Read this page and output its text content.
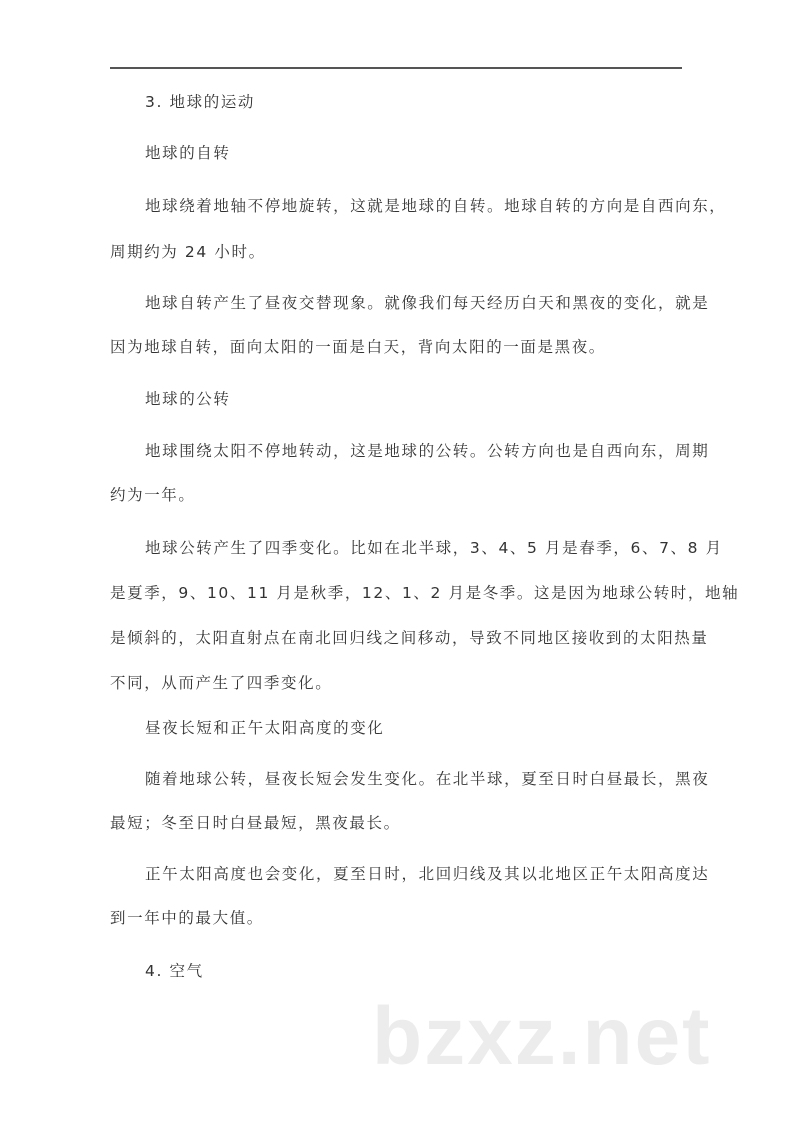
3. 地球的运动
地球的自转
地球绕着地轴不停地旋转，这就是地球的自转。地球自转的方向是自西向东，
周期约为 24 小时。
地球自转产生了昼夜交替现象。就像我们每天经历白天和黑夜的变化，就是
因为地球自转，面向太阳的一面是白天，背向太阳的一面是黑夜。
地球的公转
地球围绕太阳不停地转动，这是地球的公转。公转方向也是自西向东，周期
约为一年。
地球公转产生了四季变化。比如在北半球，3、4、5 月是春季，6、7、8 月
是夏季，9、10、11 月是秋季，12、1、2 月是冬季。这是因为地球公转时，地轴
是倾斜的，太阳直射点在南北回归线之间移动，导致不同地区接收到的太阳热量
不同，从而产生了四季变化。
昼夜长短和正午太阳高度的变化
随着地球公转，昼夜长短会发生变化。在北半球，夏至日时白昼最长，黑夜
最短；冬至日时白昼最短，黑夜最长。
正午太阳高度也会变化，夏至日时，北回归线及其以北地区正午太阳高度达
到一年中的最大值。
4. 空气
bzxz.net
